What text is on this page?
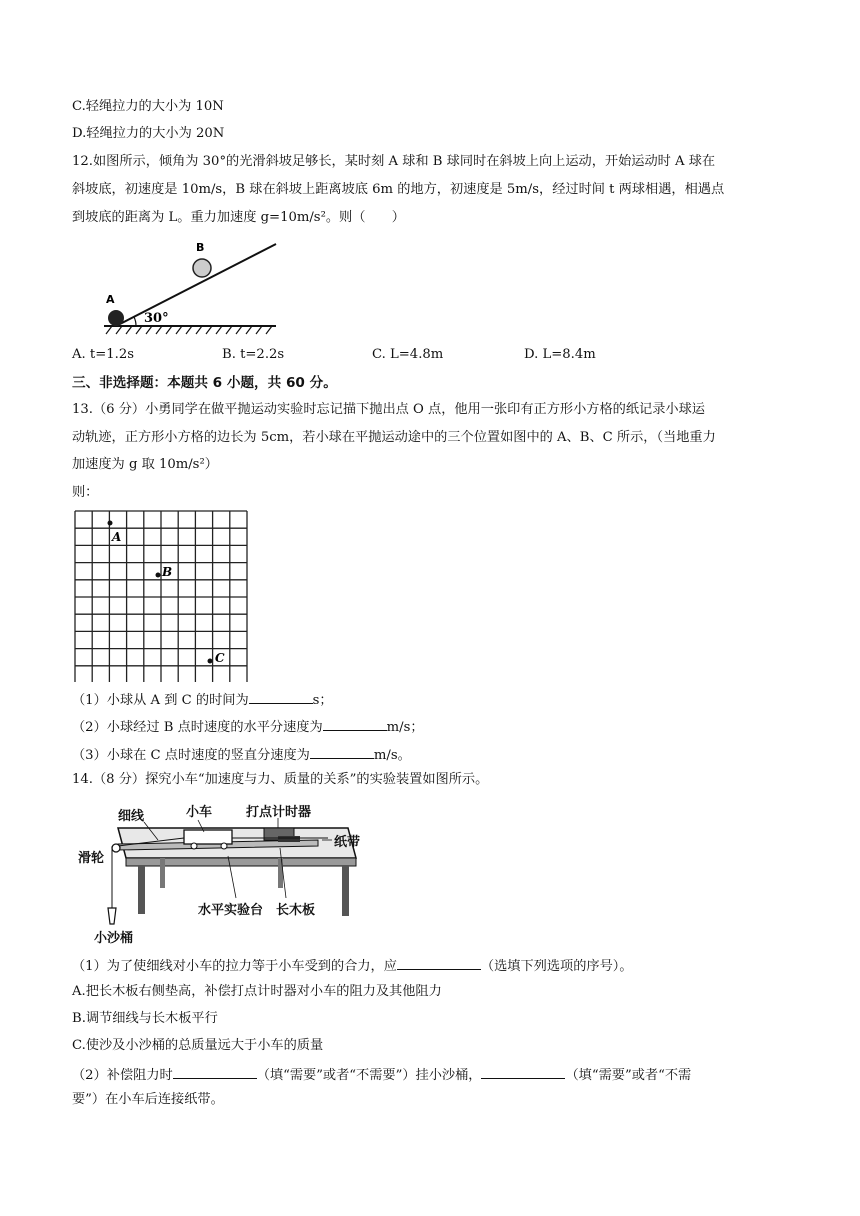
C.轻绳拉力的大小为 10N
D.轻绳拉力的大小为 20N
12.如图所示，倾角为 30°的光滑斜坡足够长，某时刻 A 球和 B 球同时在斜坡上向上运动，开始运动时 A 球在
斜坡底，初速度是 10m/s，B 球在斜坡上距离坡底 6m 的地方，初速度是 5m/s，经过时间 t 两球相遇，相遇点
到坡底的距离为 L。重力加速度 g=10m/s²。则（　　）
30°
A
B
A. t=1.2s	B. t=2.2s	C. L=4.8m	D. L=8.4m
三、非选择题：本题共 6 小题，共 60 分。
13.（6 分）小勇同学在做平抛运动实验时忘记描下抛出点 O 点，他用一张印有正方形小方格的纸记录小球运
动轨迹，正方形小方格的边长为 5cm，若小球在平抛运动途中的三个位置如图中的 A、B、C 所示，（当地重力
加速度为 g 取 10m/s²）
则：
A
B
C
（1）小球从 A 到 C 的时间为	s；
（2）小球经过 B 点时速度的水平分速度为	m/s；
（3）小球在 C 点时速度的竖直分速度为	m/s。
14.（8 分）探究小车“加速度与力、质量的关系”的实验装置如图所示。
细线	小车	打点计时器
纸带
滑轮
水平实验台 长木板
小沙桶
（1）为了使细线对小车的拉力等于小车受到的合力，应	（选填下列选项的序号）。
A.把长木板右侧垫高，补偿打点计时器对小车的阻力及其他阻力
B.调节细线与长木板平行
C.使沙及小沙桶的总质量远大于小车的质量
（2）补偿阻力时	（填“需要”或者“不需要”）挂小沙桶，	（填“需要”或者“不需
要”）在小车后连接纸带。
